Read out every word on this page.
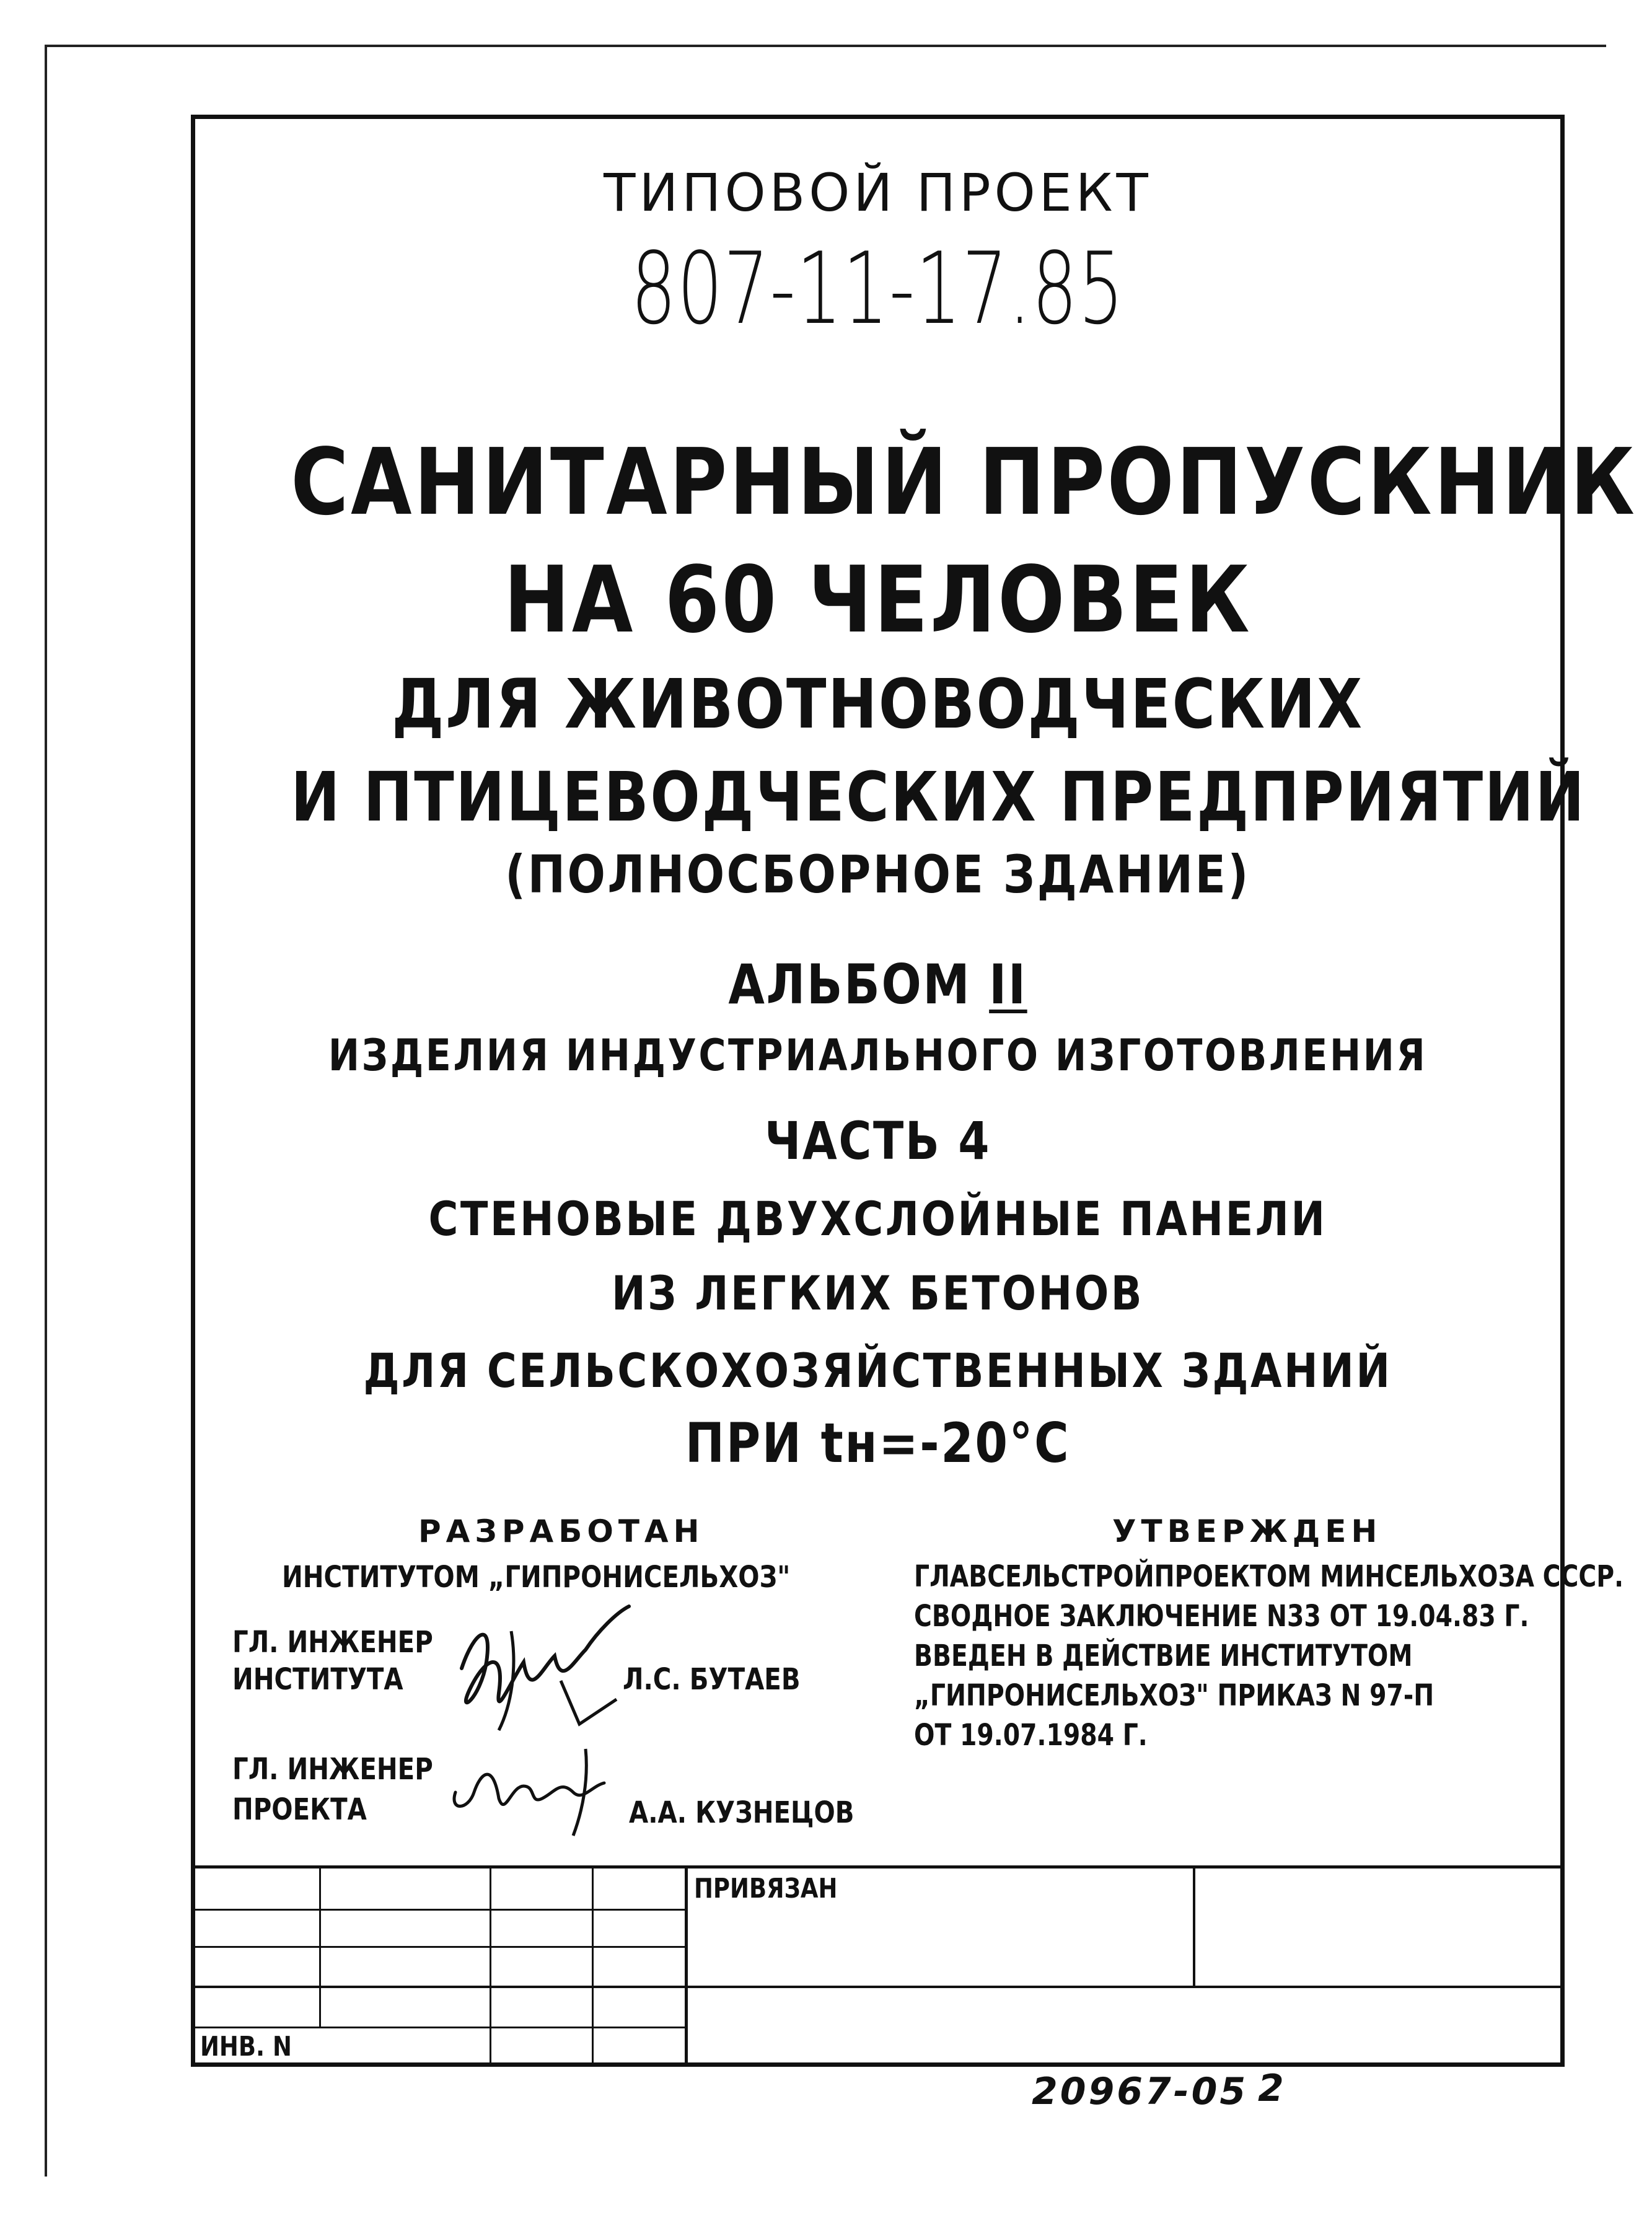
ТИПОВОЙ ПРОЕКТ
807-11-17.85
САНИТАРНЫЙ ПРОПУСКНИК
НА 60 ЧЕЛОВЕК
ДЛЯ ЖИВОТНОВОДЧЕСКИХ
И ПТИЦЕВОДЧЕСКИХ ПРЕДПРИЯТИЙ
(ПОЛНОСБОРНОЕ ЗДАНИЕ)
АЛЬБОМ II
ИЗДЕЛИЯ ИНДУСТРИАЛЬНОГО ИЗГОТОВЛЕНИЯ
ЧАСТЬ 4
СТЕНОВЫЕ ДВУХСЛОЙНЫЕ ПАНЕЛИ
ИЗ ЛЕГКИХ БЕТОНОВ
ДЛЯ СЕЛЬСКОХОЗЯЙСТВЕННЫХ ЗДАНИЙ
ПРИ tн=-20°С
РАЗРАБОТАН
ИНСТИТУТОМ „ГИПРОНИСЕЛЬХОЗ"
ГЛ. ИНЖЕНЕР
ИНСТИТУТА	Л.С. БУТАЕВ
ГЛ. ИНЖЕНЕР
ПРОЕКТА	А.А. КУЗНЕЦОВ
УТВЕРЖДЕН
ГЛАВСЕЛЬСТРОЙПРОЕКТОМ МИНСЕЛЬХОЗА СССР.
СВОДНОЕ ЗАКЛЮЧЕНИЕ N33 ОТ 19.04.83 Г.
ВВЕДЕН В ДЕЙСТВИЕ ИНСТИТУТОМ
„ГИПРОНИСЕЛЬХОЗ" ПРИКАЗ N 97-П
ОТ 19.07.1984 Г.
ПРИВЯЗАН
ИНВ. N
20967-05 2
